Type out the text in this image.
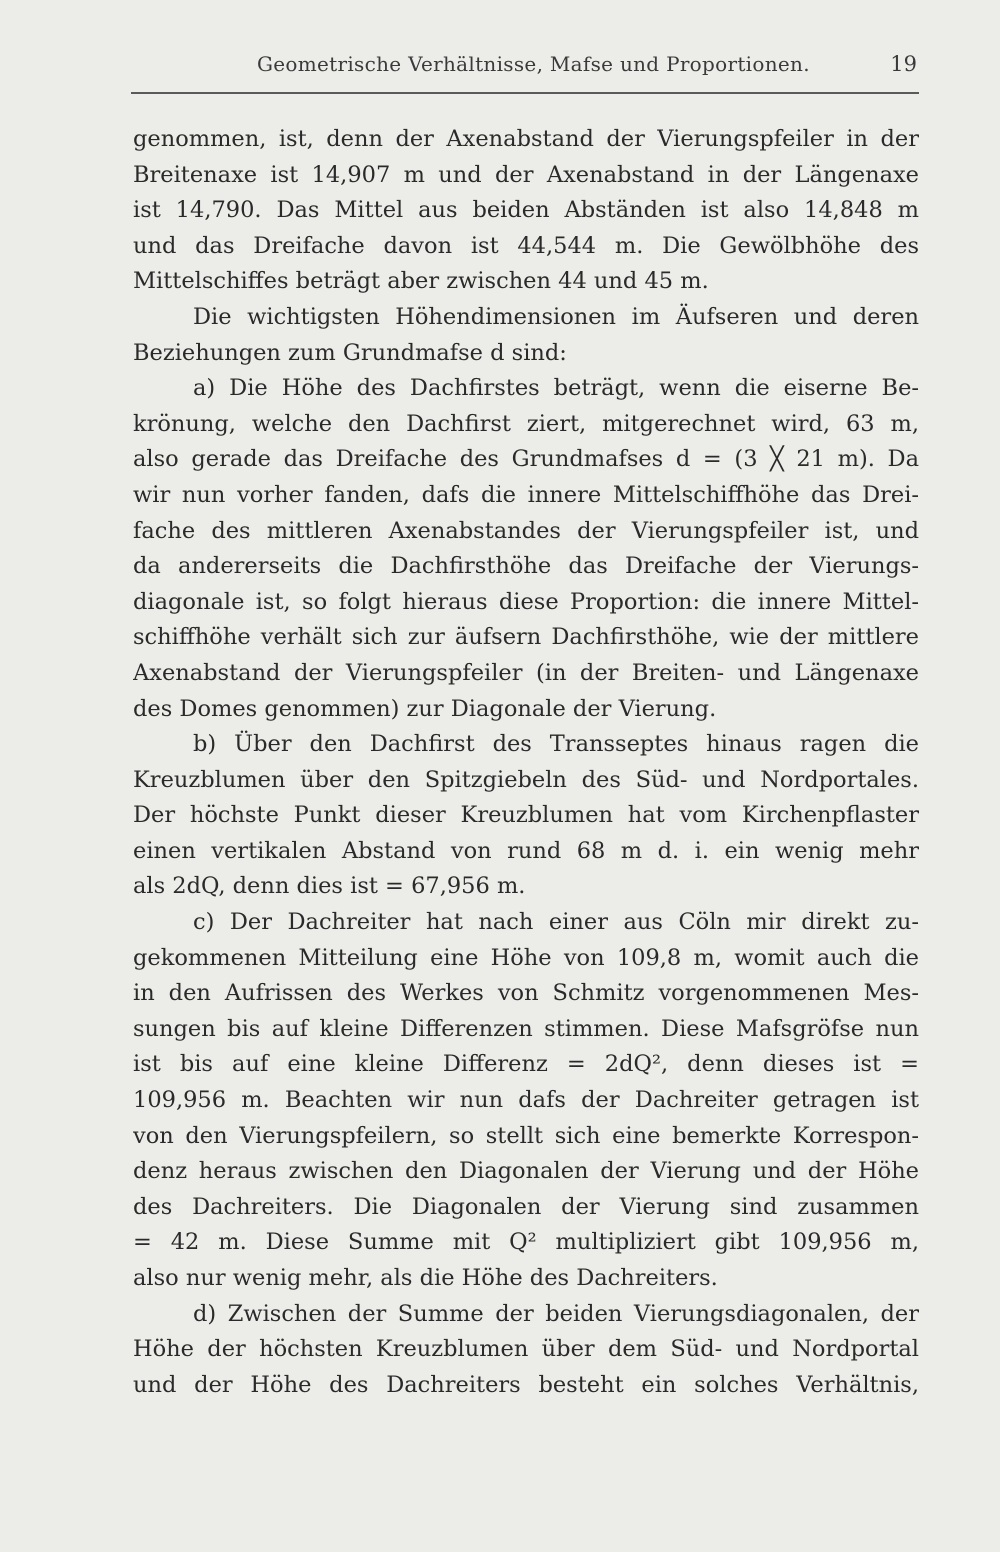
Geometrische Verhältnisse, Mafse und Proportionen.	19
genommen, ist, denn der Axenabstand der Vierungspfeiler in der
Breitenaxe ist 14,907 m und der Axenabstand in der Längenaxe
ist 14,790. Das Mittel aus beiden Abständen ist also 14,848 m
und das Dreifache davon ist 44,544 m. Die Gewölbhöhe des
Mittelschiffes beträgt aber zwischen 44 und 45 m.
Die wichtigsten Höhendimensionen im Äufseren und deren
Beziehungen zum Grundmafse d sind:
a) Die Höhe des Dachfirstes beträgt, wenn die eiserne Be-
krönung, welche den Dachfirst ziert, mitgerechnet wird, 63 m,
also gerade das Dreifache des Grundmafses d = (3 ╳ 21 m). Da
wir nun vorher fanden, dafs die innere Mittelschiffhöhe das Drei-
fache des mittleren Axenabstandes der Vierungspfeiler ist, und
da andererseits die Dachfirsthöhe das Dreifache der Vierungs-
diagonale ist, so folgt hieraus diese Proportion: die innere Mittel-
schiffhöhe verhält sich zur äufsern Dachfirsthöhe, wie der mittlere
Axenabstand der Vierungspfeiler (in der Breiten- und Längenaxe
des Domes genommen) zur Diagonale der Vierung.
b) Über den Dachfirst des Transseptes hinaus ragen die
Kreuzblumen über den Spitzgiebeln des Süd- und Nordportales.
Der höchste Punkt dieser Kreuzblumen hat vom Kirchenpflaster
einen vertikalen Abstand von rund 68 m d. i. ein wenig mehr
als 2dQ, denn dies ist = 67,956 m.
c) Der Dachreiter hat nach einer aus Cöln mir direkt zu-
gekommenen Mitteilung eine Höhe von 109,8 m, womit auch die
in den Aufrissen des Werkes von Schmitz vorgenommenen Mes-
sungen bis auf kleine Differenzen stimmen. Diese Mafsgröfse nun
ist bis auf eine kleine Differenz = 2dQ², denn dieses ist =
109,956 m. Beachten wir nun dafs der Dachreiter getragen ist
von den Vierungspfeilern, so stellt sich eine bemerkte Korrespon-
denz heraus zwischen den Diagonalen der Vierung und der Höhe
des Dachreiters. Die Diagonalen der Vierung sind zusammen
= 42 m. Diese Summe mit Q² multipliziert gibt 109,956 m,
also nur wenig mehr, als die Höhe des Dachreiters.
d) Zwischen der Summe der beiden Vierungsdiagonalen, der
Höhe der höchsten Kreuzblumen über dem Süd- und Nordportal
und der Höhe des Dachreiters besteht ein solches Verhältnis,
